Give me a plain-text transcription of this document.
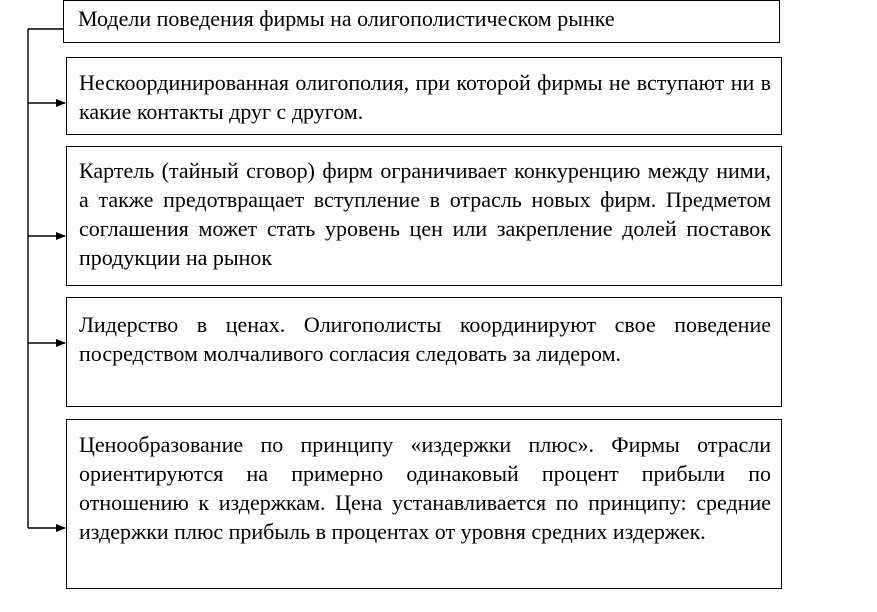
Модели поведения фирмы на олигополистическом рынке
Нескоординированная олигополия, при которой фирмы не вступают ни в какие контакты друг с другом.
Картель (тайный сговор) фирм ограничивает конкуренцию между ними, а также предотвращает вступление в отрасль новых фирм. Предметом соглашения может стать уровень цен или закрепление долей поставок продукции на рынок
Лидерство в ценах. Олигополисты координируют свое поведение посредством молчаливого согласия следовать за лидером.
Ценообразование по принципу «издержки плюс». Фирмы отрасли ориентируются на примерно одинаковый процент прибыли по отношению к издержкам. Цена устанавливается по принципу: средние издержки плюс прибыль в процентах от уровня средних издержек.
